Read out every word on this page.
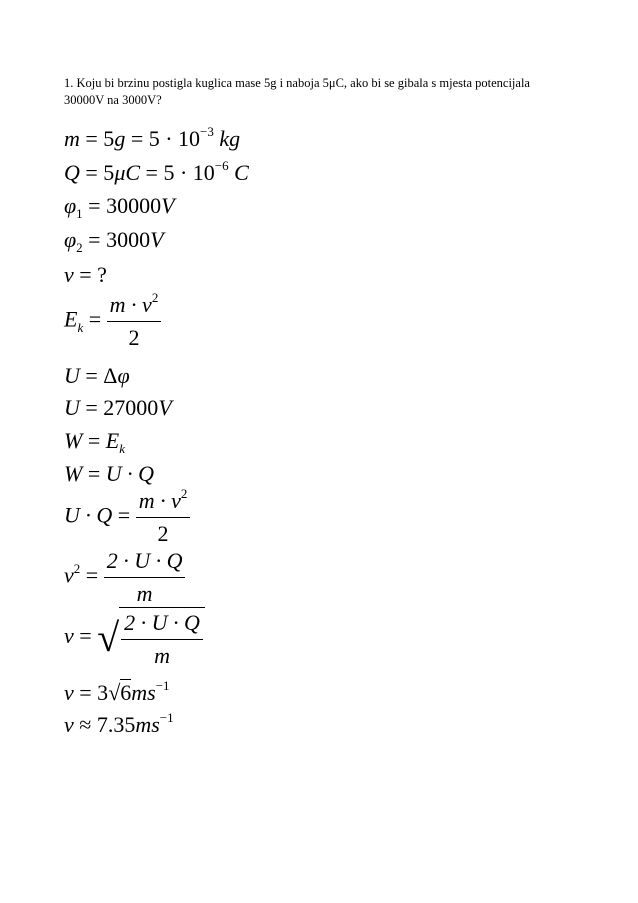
1. Koju bi brzinu postigla kuglica mase 5g i naboja 5μC, ako bi se gibala s mjesta potencijala
30000V na 3000V?
$m = 5g = 5 \cdot 10^{-3}$ kg
$Q = 5\mu C = 5 \cdot 10^{-6}$ C
$\varphi_1 = 30000V$
$\varphi_2 = 3000V$
v = ?
$E_k = \frac{m \cdot v^2}{2}$
U = Δφ
U = 27000V
$W = E_k$
W = U · Q
$U \cdot Q = \frac{m \cdot v^2}{2}$
$v^2 = \frac{2 \cdot U \cdot Q}{m}$
v = √ $\frac{2 \cdot U \cdot Q}{m}$
$v = 3√6ms^{-1}$
$v \approx 7.35ms^{-1}$
